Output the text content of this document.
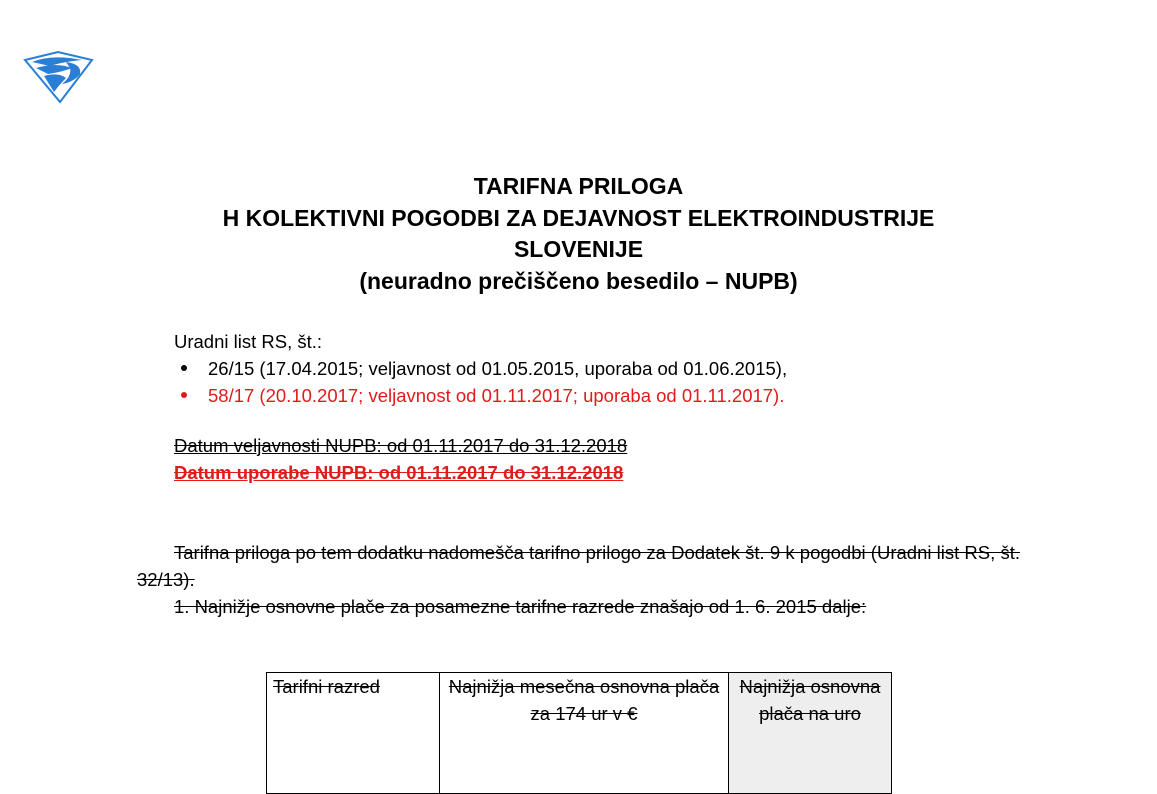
TARIFNA PRILOGA
H KOLEKTIVNI POGODBI ZA DEJAVNOST ELEKTROINDUSTRIJE
SLOVENIJE
(neuradno prečiščeno besedilo – NUPB)
Uradni list RS, št.:
26/15 (17.04.2015; veljavnost od 01.05.2015, uporaba od 01.06.2015),
58/17 (20.10.2017; veljavnost od 01.11.2017; uporaba od 01.11.2017).
Datum veljavnosti NUPB: od 01.11.2017 do 31.12.2018
Datum uporabe NUPB: od 01.11.2017 do 31.12.2018
Tarifna priloga po tem dodatku nadomešča tarifno prilogo za Dodatek št. 9 k pogodbi (Uradni list RS, št. 32/13).
1. Najnižje osnovne plače za posamezne tarifne razrede znašajo od 1. 6. 2015 dalje:
Tarifni razred	Najnižja mesečna osnovna plača za 174 ur v €	Najnižja osnovna plača na uro
